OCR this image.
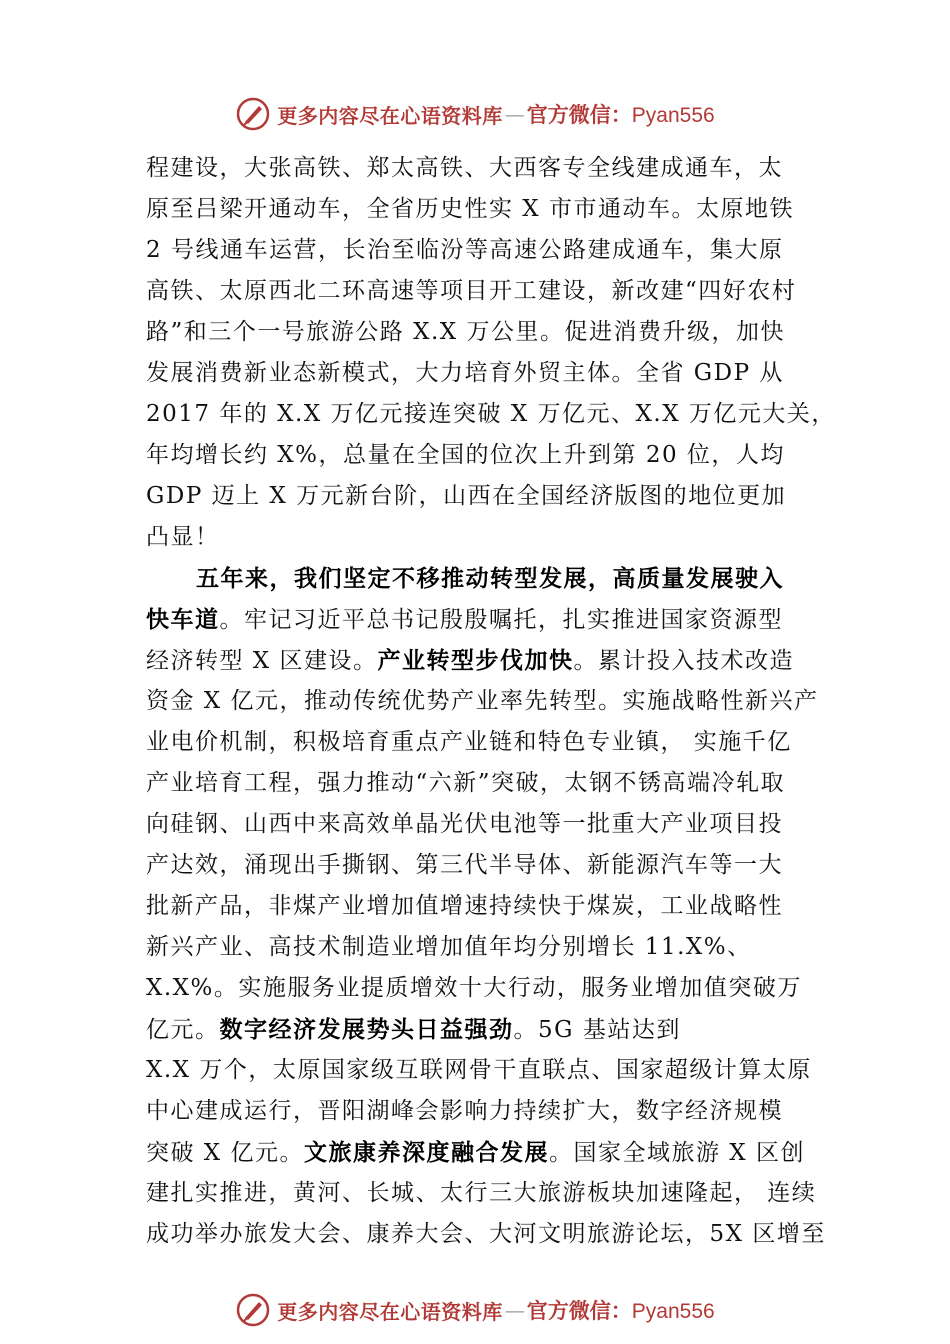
更多内容尽在心语资料库 — 官方微信：Pyan556
程建设，大张高铁、郑太高铁、大西客专全线建成通车，太
原至吕梁开通动车，全省历史性实 X 市市通动车。太原地铁
2 号线通车运营，长治至临汾等高速公路建成通车，集大原
高铁、太原西北二环高速等项目开工建设，新改建“四好农村
路”和三个一号旅游公路 X.X 万公里。促进消费升级，加快
发展消费新业态新模式，大力培育外贸主体。全省 GDP 从
2017 年的 X.X 万亿元接连突破 X 万亿元、X.X 万亿元大关，
年均增长约 X%，总量在全国的位次上升到第 20 位，人均
GDP 迈上 X 万元新台阶，山西在全国经济版图的地位更加
凸显！
五年来，我们坚定不移推动转型发展，高质量发展驶入
快车道。牢记习近平总书记殷殷嘱托，扎实推进国家资源型
经济转型 X 区建设。产业转型步伐加快。累计投入技术改造
资金 X 亿元，推动传统优势产业率先转型。实施战略性新兴产
业电价机制，积极培育重点产业链和特色专业镇， 实施千亿
产业培育工程，强力推动“六新”突破，太钢不锈高端冷轧取
向硅钢、山西中来高效单晶光伏电池等一批重大产业项目投
产达效，涌现出手撕钢、第三代半导体、新能源汽车等一大
批新产品，非煤产业增加值增速持续快于煤炭，工业战略性
新兴产业、高技术制造业增加值年均分别增长 11.X%、
X.X%。实施服务业提质增效十大行动，服务业增加值突破万
亿元。数字经济发展势头日益强劲。5G 基站达到
X.X 万个，太原国家级互联网骨干直联点、国家超级计算太原
中心建成运行，晋阳湖峰会影响力持续扩大，数字经济规模
突破 X 亿元。文旅康养深度融合发展。国家全域旅游 X 区创
建扎实推进，黄河、长城、太行三大旅游板块加速隆起， 连续
成功举办旅发大会、康养大会、大河文明旅游论坛，5X 区增至
更多内容尽在心语资料库 — 官方微信：Pyan556
